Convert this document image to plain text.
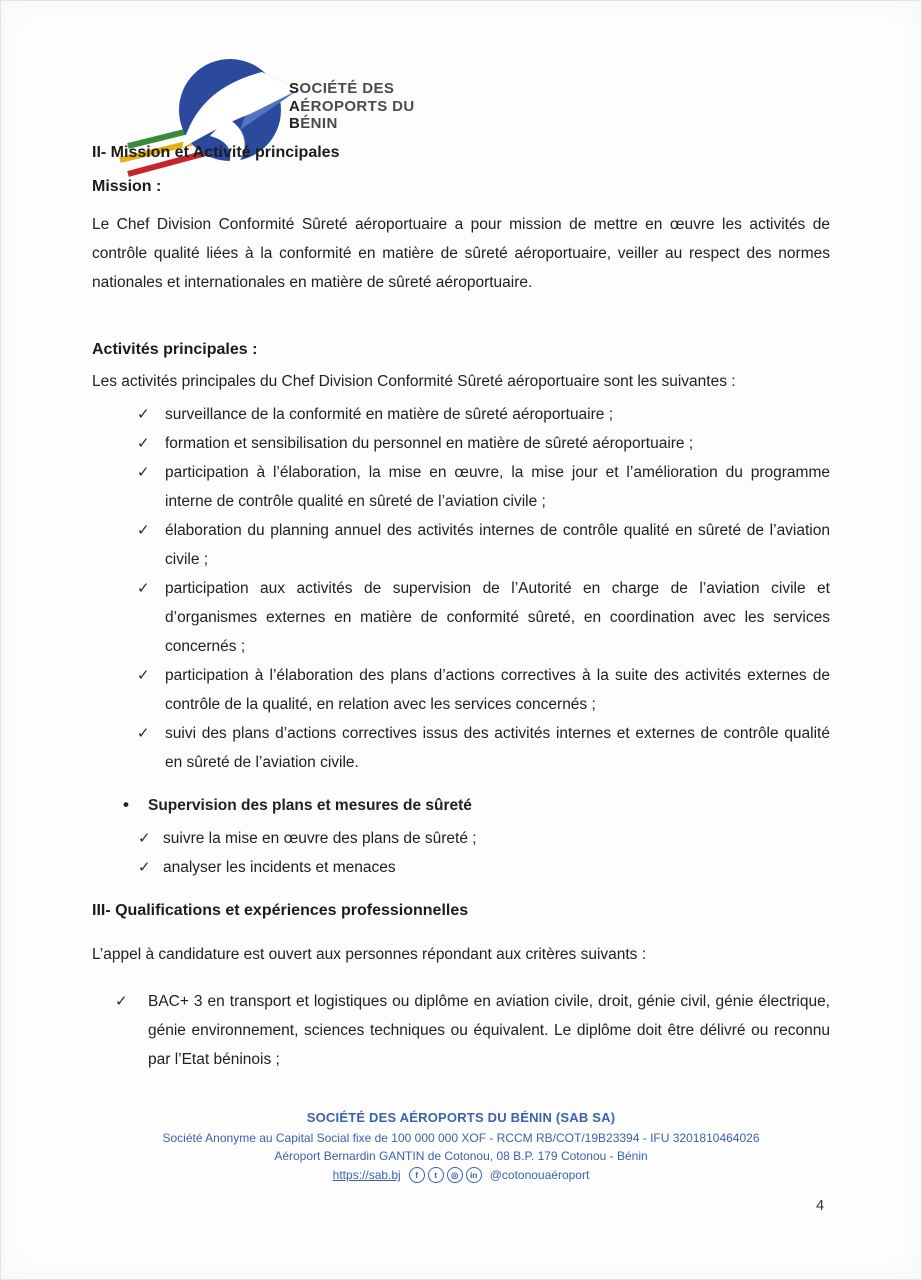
SOCIÉTÉ DES
AÉROPORTS DU
BÉNIN
II- Mission et Activité principales
Mission :

Le Chef Division Conformité Sûreté aéroportuaire a pour mission de mettre en œuvre les activités de contrôle qualité liées à la conformité en matière de sûreté aéroportuaire, veiller au respect des normes nationales et internationales en matière de sûreté aéroportuaire.

Activités principales :

Les activités principales du Chef Division Conformité Sûreté aéroportuaire sont les suivantes :

✓ surveillance de la conformité en matière de sûreté aéroportuaire ;
✓ formation et sensibilisation du personnel en matière de sûreté aéroportuaire ;
✓ participation à l’élaboration, la mise en œuvre, la mise jour et l’amélioration du programme interne de contrôle qualité en sûreté de l’aviation civile ;
✓ élaboration du planning annuel des activités internes de contrôle qualité en sûreté de l’aviation civile ;
✓ participation aux activités de supervision de l’Autorité en charge de l’aviation civile et d’organismes externes en matière de conformité sûreté, en coordination avec les services concernés ;
✓ participation à l’élaboration des plans d’actions correctives à la suite des activités externes de contrôle de la qualité, en relation avec les services concernés ;
✓ suivi des plans d’actions correctives issus des activités internes et externes de contrôle qualité en sûreté de l’aviation civile.
• Supervision des plans et mesures de sûreté
✓ suivre la mise en œuvre des plans de sûreté ;
✓ analyser les incidents et menaces
III- Qualifications et expériences professionnelles

L’appel à candidature est ouvert aux personnes répondant aux critères suivants :

✓	BAC+ 3 en transport et logistiques ou diplôme en aviation civile, droit, génie civil, génie électrique, génie environnement, sciences techniques ou équivalent. Le diplôme doit être délivré ou reconnu par l’Etat béninois ;
SOCIÉTÉ DES AÉROPORTS DU BÉNIN (SAB SA)
Société Anonyme au Capital Social fixe de 100 000 000 XOF - RCCM RB/COT/19B23394 - IFU 3201810464026
Aéroport Bernardin GANTIN de Cotonou, 08 B.P. 179 Cotonou - Bénin
https://sab.bj	f	t	◎	in	@cotonouaéroport
4
